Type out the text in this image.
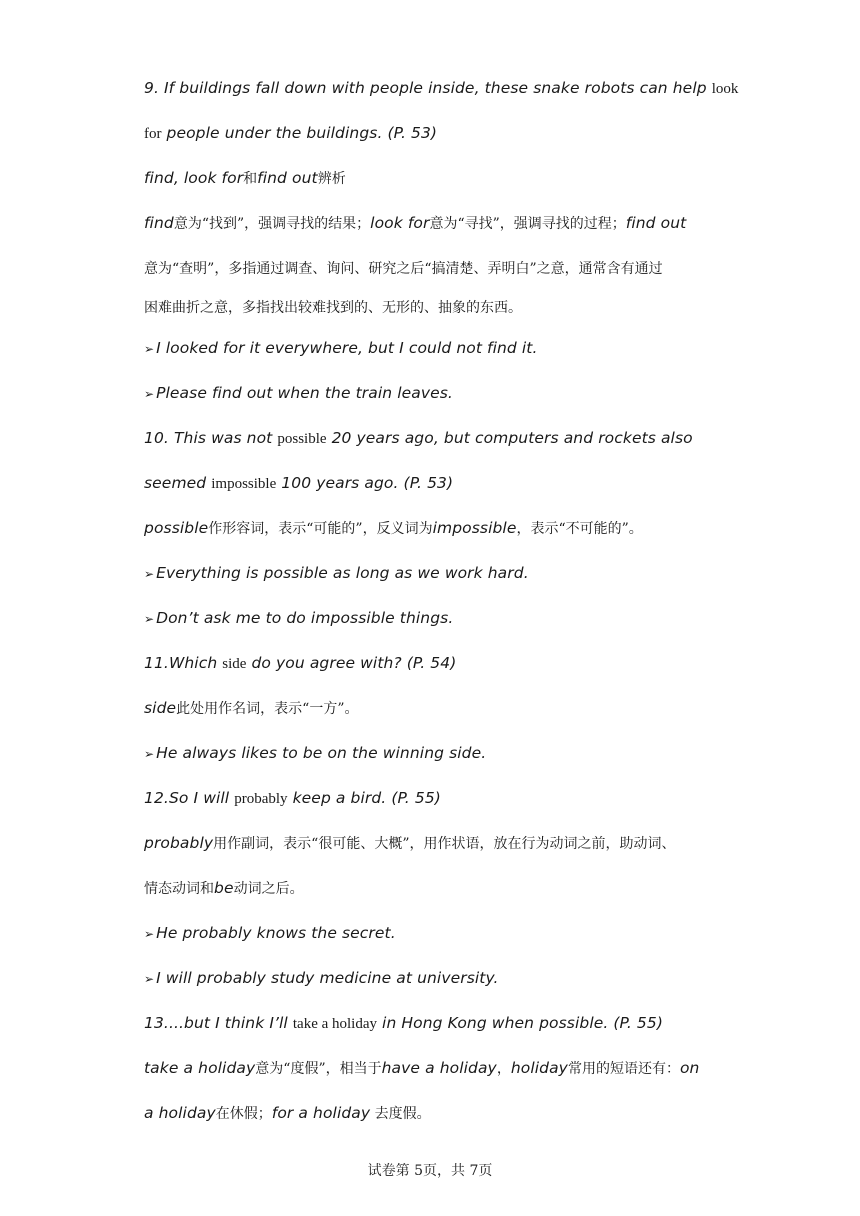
9. If buildings fall down with people inside, these snake robots can help look
for people under the buildings. (P. 53)
find, look for和find out辨析
find意为“找到”，强调寻找的结果；look for意为“寻找”，强调寻找的过程；find out
意为“查明”，多指通过调查、询问、研究之后“搞清楚、弄明白”之意，通常含有通过
困难曲折之意，多指找出较难找到的、无形的、抽象的东西。
➢ I looked for it everywhere, but I could not find it.
➢ Please find out when the train leaves.
10. This was not possible 20 years ago, but computers and rockets also
seemed impossible 100 years ago. (P. 53)
possible作形容词，表示“可能的”，反义词为impossible，表示“不可能的”。
➢ Everything is possible as long as we work hard.
➢ Don’t ask me to do impossible things.
11.Which side do you agree with? (P. 54)
side此处用作名词，表示“一方”。
➢ He always likes to be on the winning side.
12.So I will probably keep a bird. (P. 55)
probably用作副词，表示“很可能、大概”，用作状语，放在行为动词之前，助动词、
情态动词和be动词之后。
➢ He probably knows the secret.
➢ I will probably study medicine at university.
13....but I think I’ll take a holiday in Hong Kong when possible. (P. 55)
take a holiday意为“度假”，相当于have a holiday，holiday常用的短语还有：on
a holiday在休假；for a holiday 去度假。
试卷第 5页，共 7页
